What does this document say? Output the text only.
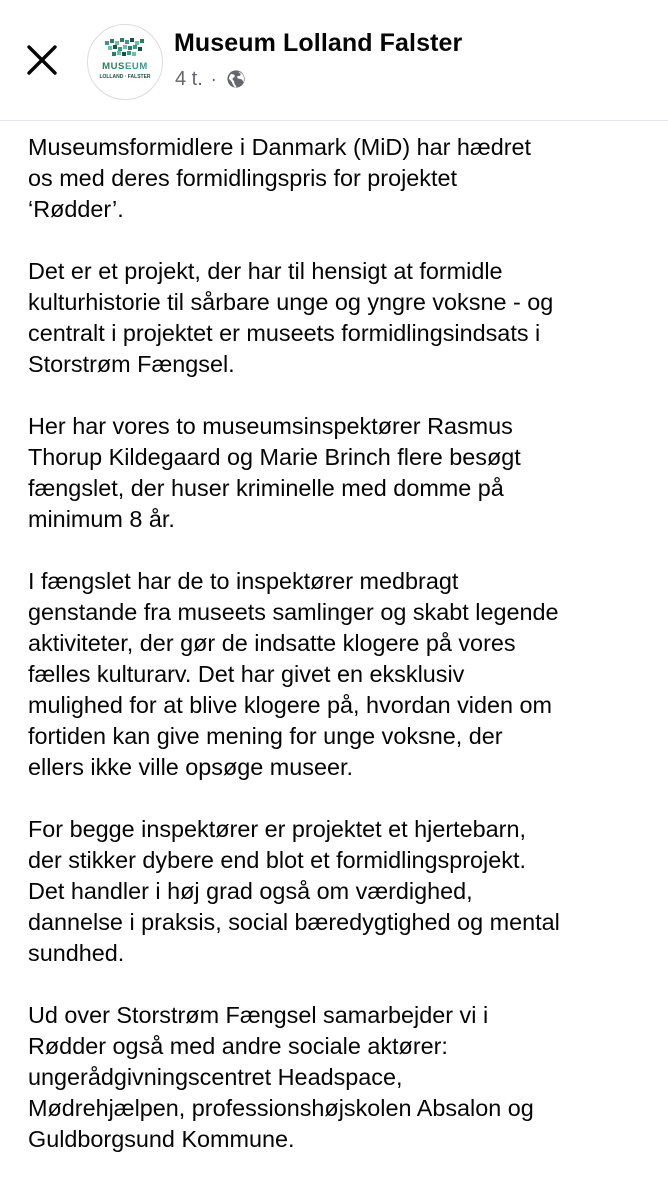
MUSEUM
LOLLAND · FALSTER
Museum Lolland Falster
4 t. ·

Museumsformidlere i Danmark (MiD) har hædret
os med deres formidlingspris for projektet
‘Rødder’.

Det er et projekt, der har til hensigt at formidle
kulturhistorie til sårbare unge og yngre voksne - og
centralt i projektet er museets formidlingsindsats i
Storstrøm Fængsel.

Her har vores to museumsinspektører Rasmus
Thorup Kildegaard og Marie Brinch flere besøgt
fængslet, der huser kriminelle med domme på
minimum 8 år.

I fængslet har de to inspektører medbragt
genstande fra museets samlinger og skabt legende
aktiviteter, der gør de indsatte klogere på vores
fælles kulturarv. Det har givet en eksklusiv
mulighed for at blive klogere på, hvordan viden om
fortiden kan give mening for unge voksne, der
ellers ikke ville opsøge museer.

For begge inspektører er projektet et hjertebarn,
der stikker dybere end blot et formidlingsprojekt.
Det handler i høj grad også om værdighed,
dannelse i praksis, social bæredygtighed og mental
sundhed.

Ud over Storstrøm Fængsel samarbejder vi i
Rødder også med andre sociale aktører:
ungerådgivningscentret Headspace,
Mødrehjælpen, professionshøjskolen Absalon og
Guldborgsund Kommune.
